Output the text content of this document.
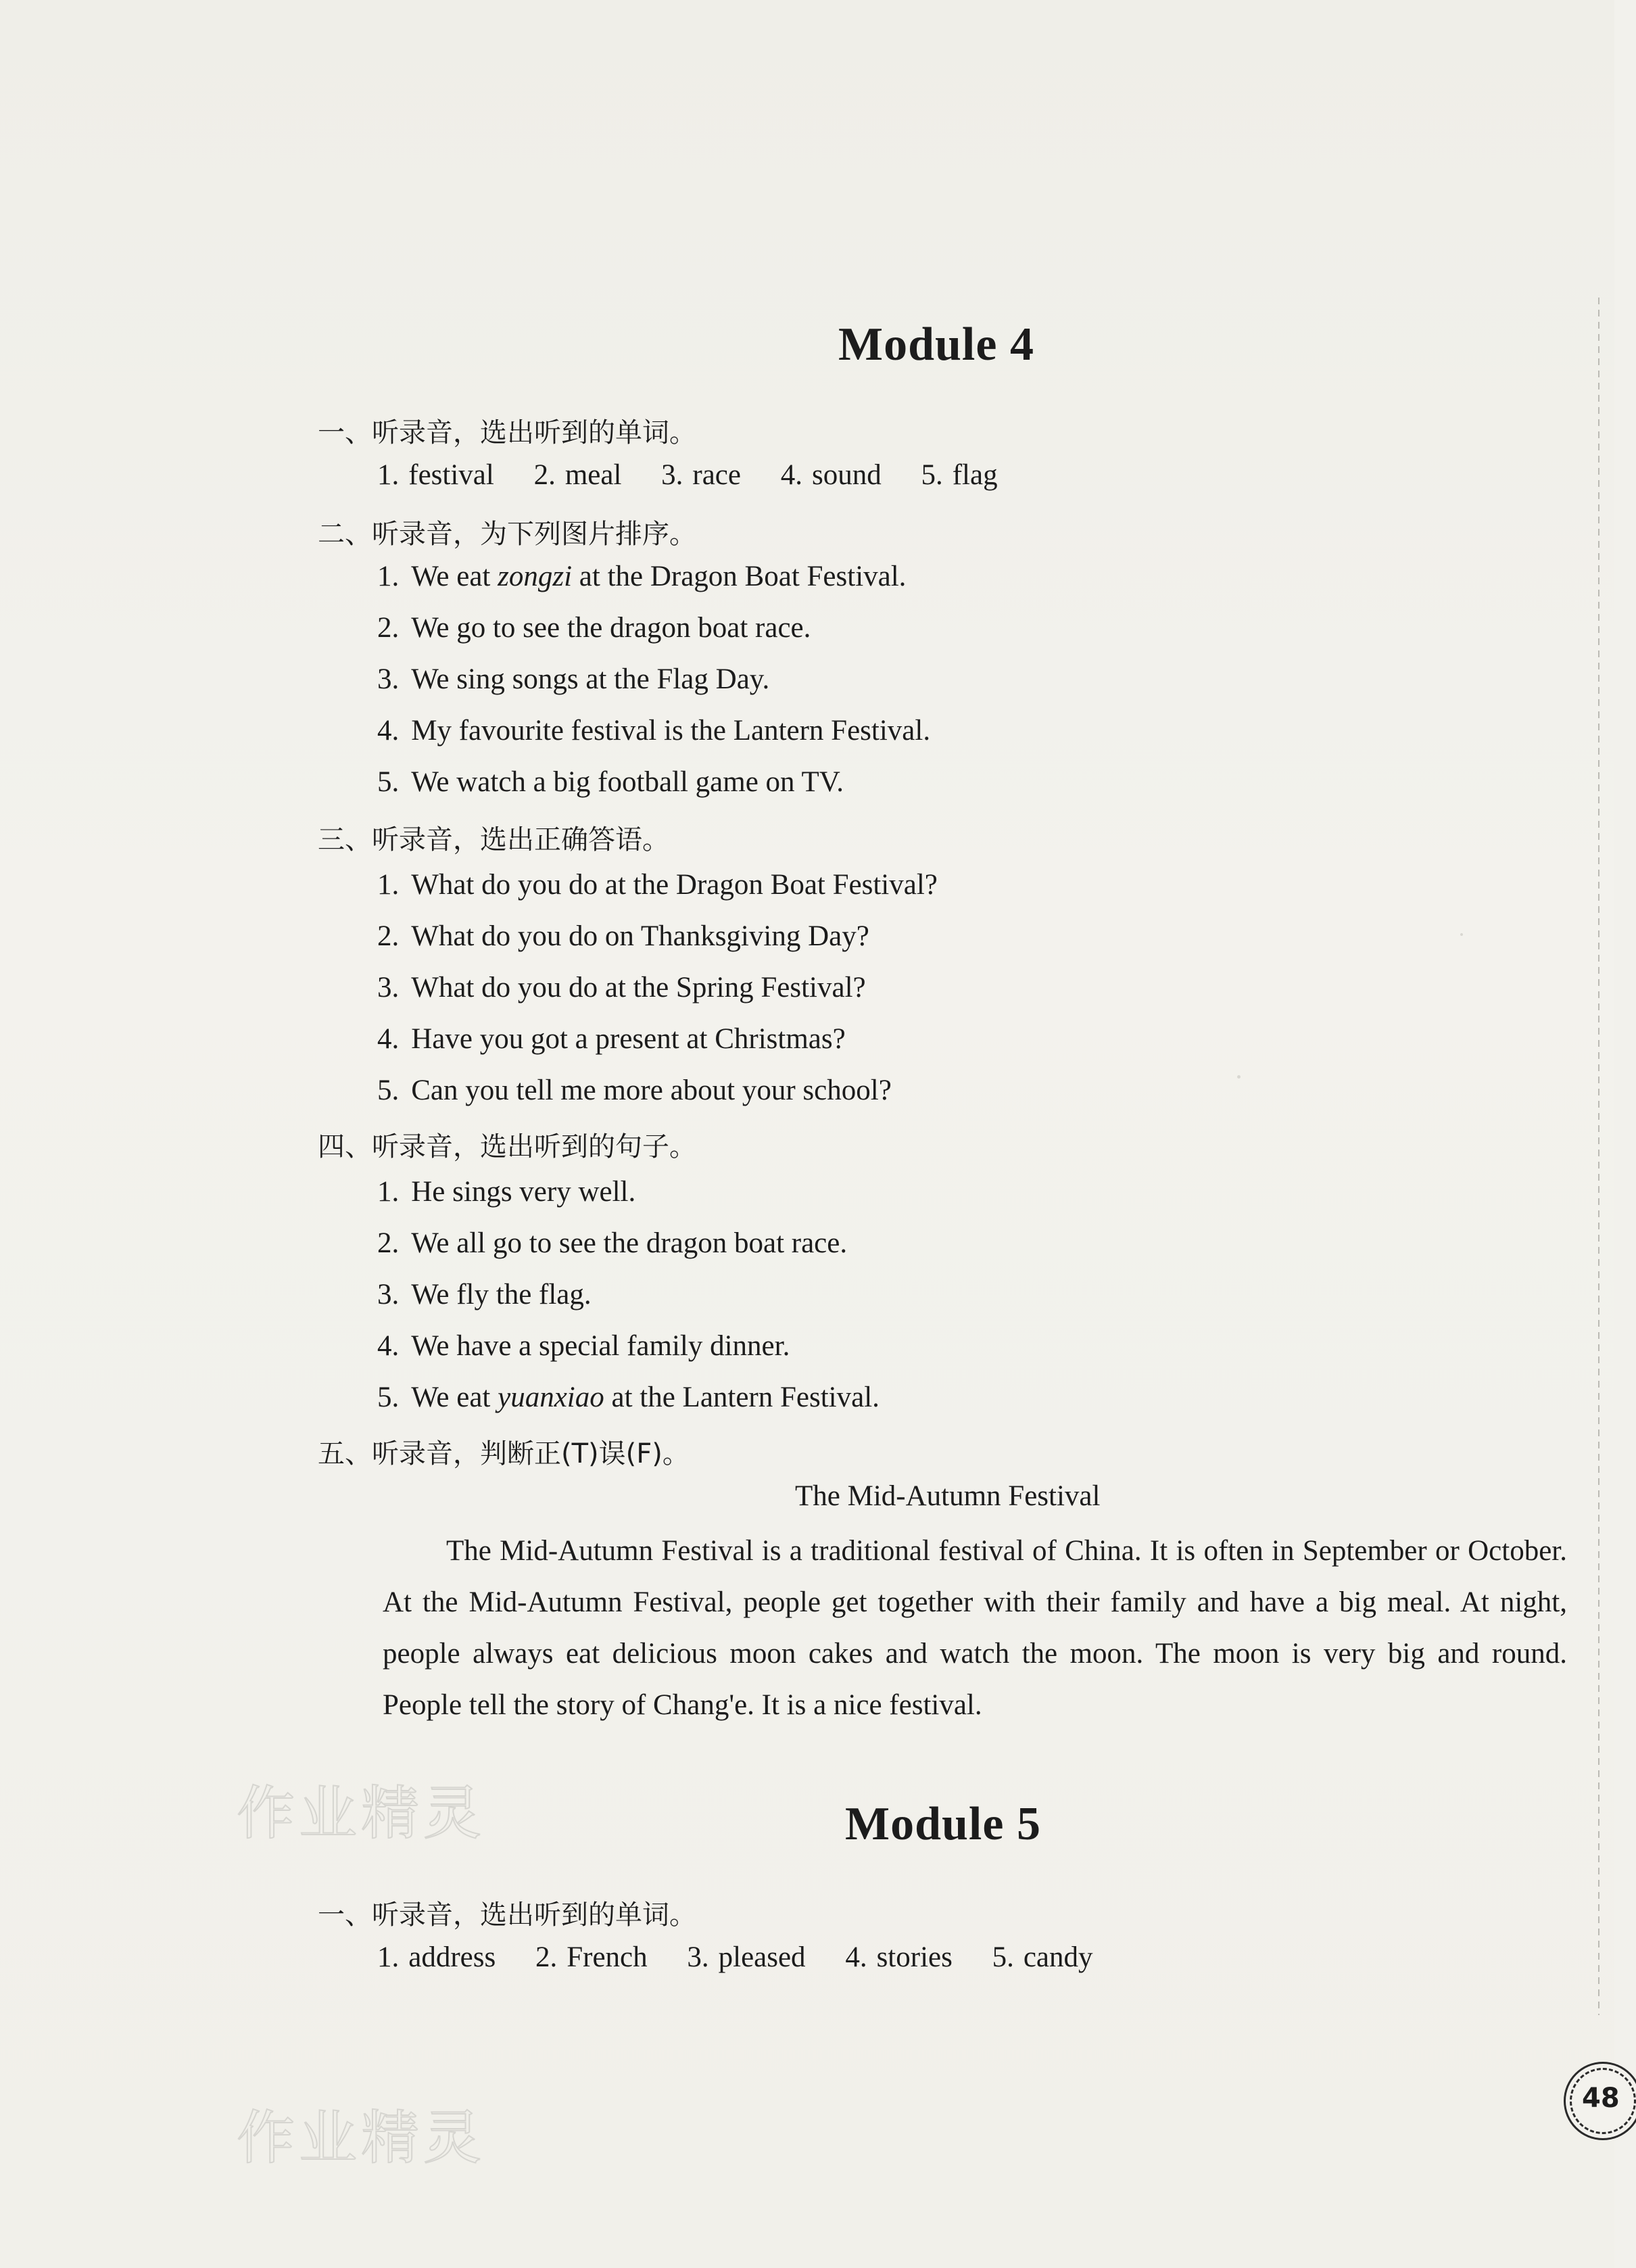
Module 4
一、听录音，选出听到的单词。
1. festival 2. meal 3. race 4. sound 5. flag
二、听录音，为下列图片排序。
1. We eat zongzi at the Dragon Boat Festival.
2. We go to see the dragon boat race.
3. We sing songs at the Flag Day.
4. My favourite festival is the Lantern Festival.
5. We watch a big football game on TV.
三、听录音，选出正确答语。
1. What do you do at the Dragon Boat Festival?
2. What do you do on Thanksgiving Day?
3. What do you do at the Spring Festival?
4. Have you got a present at Christmas?
5. Can you tell me more about your school?
四、听录音，选出听到的句子。
1. He sings very well.
2. We all go to see the dragon boat race.
3. We fly the flag.
4. We have a special family dinner.
5. We eat yuanxiao at the Lantern Festival.
五、听录音，判断正(T)误(F)。
The Mid-Autumn Festival
The Mid-Autumn Festival is a traditional festival of China. It is often in September or October. At the Mid-Autumn Festival, people get together with their family and have a big meal. At night, people always eat delicious moon cakes and watch the moon. The moon is very big and round. People tell the story of Chang'e. It is a nice festival.
作业精灵
作业精灵
Module 5
一、听录音，选出听到的单词。
1. address 2. French 3. pleased 4. stories 5. candy
48
